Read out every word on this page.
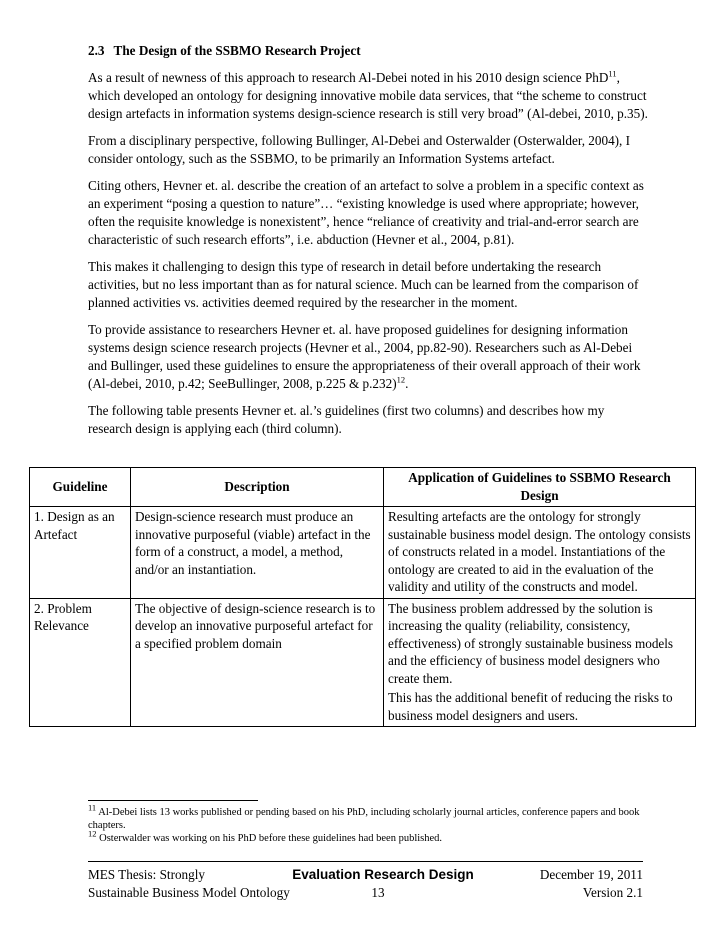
2.3 The Design of the SSBMO Research Project

As a result of newness of this approach to research Al-Debei noted in his 2010 design science PhD$^{11}$, which developed an ontology for designing innovative mobile data services, that “the scheme to construct design artefacts in information systems design-science research is still very broad” (Al-debei, 2010, p.35).

From a disciplinary perspective, following Bullinger, Al-Debei and Osterwalder (Osterwalder, 2004), I consider ontology, such as the SSBMO, to be primarily an Information Systems artefact.

Citing others, Hevner et. al. describe the creation of an artefact to solve a problem in a specific context as an experiment “posing a question to nature”… “existing knowledge is used where appropriate; however, often the requisite knowledge is nonexistent”, hence “reliance of creativity and trial-and-error search are characteristic of such research efforts”, i.e. abduction (Hevner et al., 2004, p.81).

This makes it challenging to design this type of research in detail before undertaking the research activities, but no less important than as for natural science. Much can be learned from the comparison of planned activities vs. activities deemed required by the researcher in the moment.

To provide assistance to researchers Hevner et. al. have proposed guidelines for designing information systems design science research projects (Hevner et al., 2004, pp.82-90). Researchers such as Al-Debei and Bullinger, used these guidelines to ensure the appropriateness of their overall approach of their work (Al-debei, 2010, p.42; SeeBullinger, 2008, p.225 & p.232)$^{12}$.

The following table presents Hevner et. al.’s guidelines (first two columns) and describes how my research design is applying each (third column).

Guideline	Description	Application of Guidelines to SSBMO Research Design
1. Design as an Artefact	Design-science research must produce an innovative purposeful (viable) artefact in the form of a construct, a model, a method, and/or an instantiation.	Resulting artefacts are the ontology for strongly sustainable business model design. The ontology consists of constructs related in a model. Instantiations of the ontology are created to aid in the evaluation of the validity and utility of the constructs and model.

2. Problem Relevance	The objective of design-science research is to develop an innovative purposeful artefact for a specified problem domain	The business problem addressed by the solution is increasing the quality (reliability, consistency, effectiveness) of strongly sustainable business models and the efficiency of business model designers who create them.

This has the additional benefit of reducing the risks to business model designers and users.

$^{11}$ Al-Debei lists 13 works published or pending based on his PhD, including scholarly journal articles, conference papers and book chapters.
$^{12}$ Osterwalder was working on his PhD before these guidelines had been published.
MES Thesis: Strongly
Sustainable Business Model Ontology
Evaluation Research Design
13
December 19, 2011
Version 2.1
